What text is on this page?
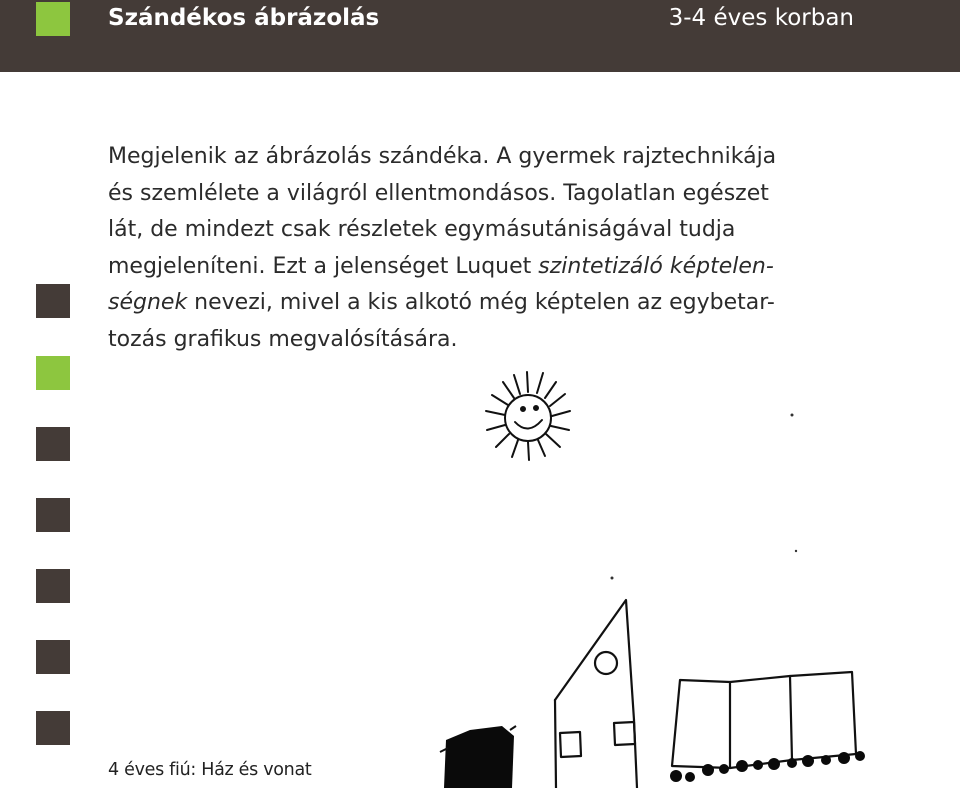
Szándékos ábrázolás	3-4 éves korban
Megjelenik az ábrázolás szándéka. A gyermek rajztechnikája
és szemlélete a világról ellentmondásos. Tagolatlan egészet
lát, de mindezt csak részletek egymásutániságával tudja
megjeleníteni. Ezt a jelenséget Luquet szintetizáló képtelen-
ségnek nevezi, mivel a kis alkotó még képtelen az egybetar-
tozás grafikus megvalósítására.
4 éves fiú: Ház és vonat
